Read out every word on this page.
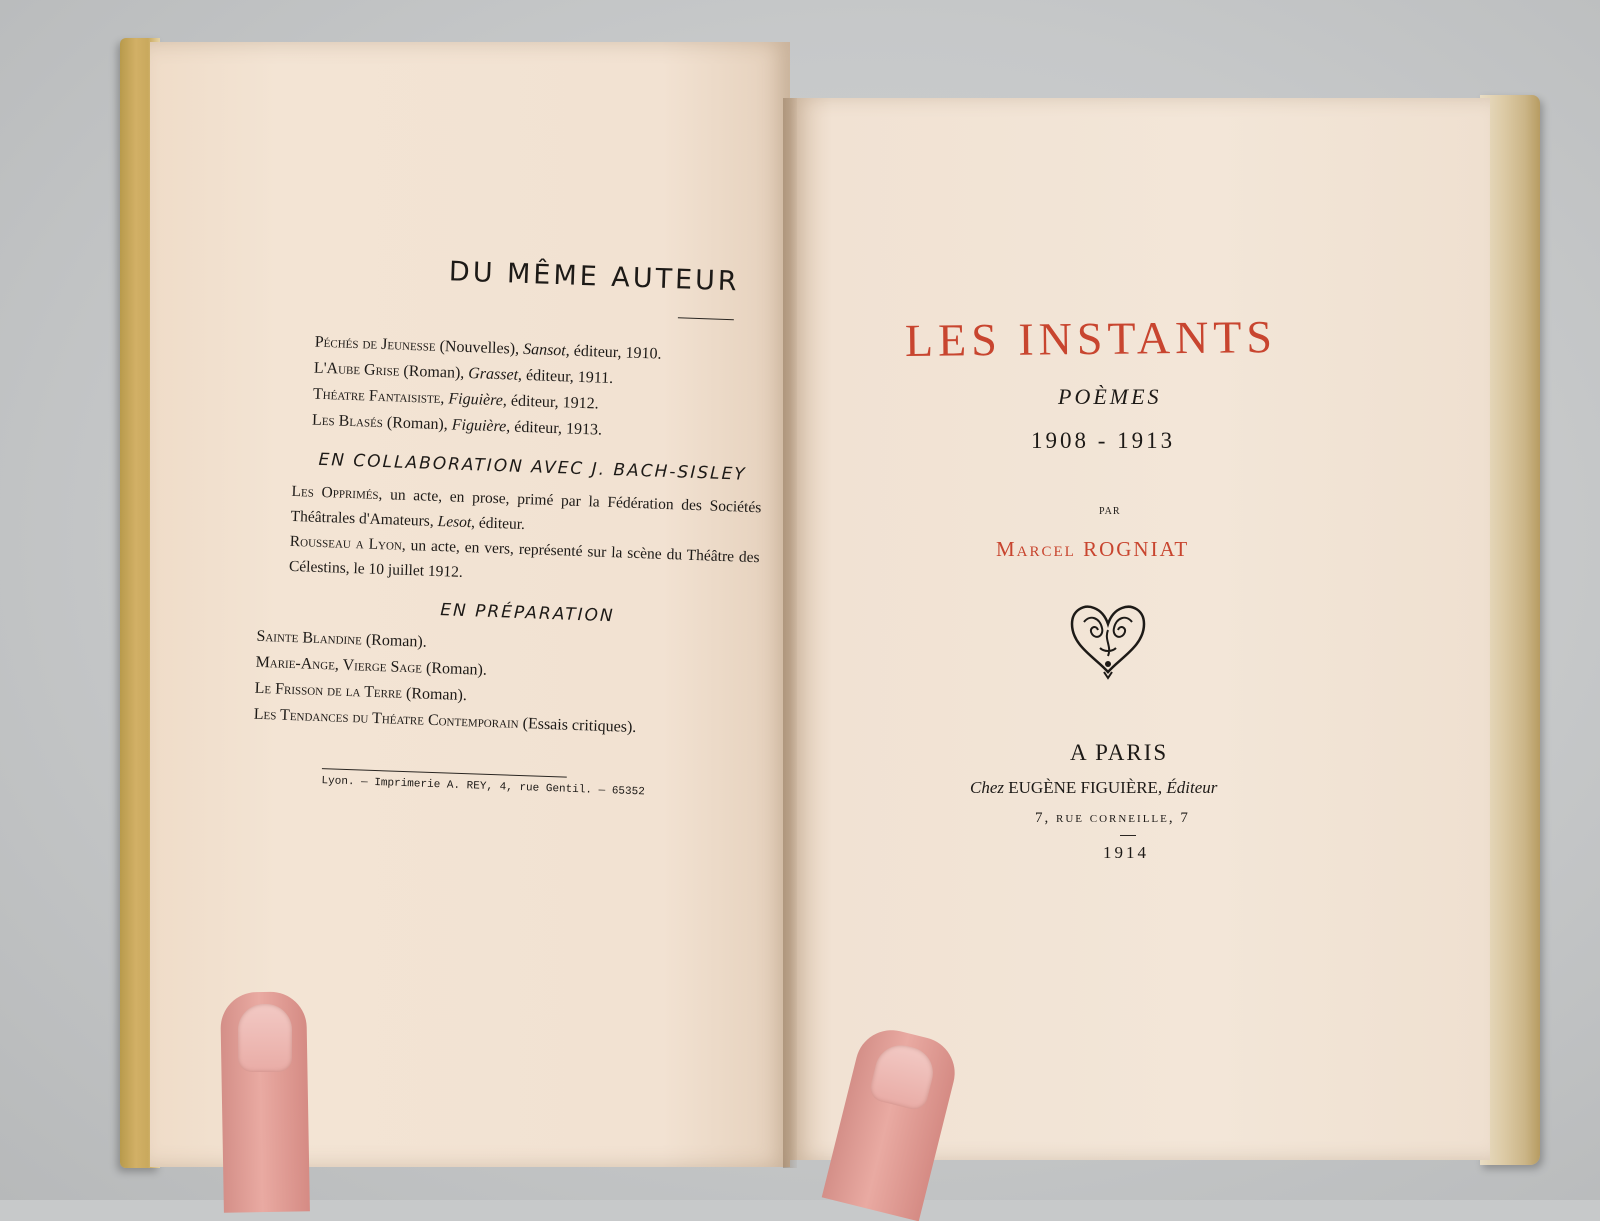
DU MÊME AUTEUR

Péchés de Jeunesse (Nouvelles), Sansot, éditeur, 1910.

L'Aube Grise (Roman), Grasset, éditeur, 1911.

Théatre Fantaisiste, Figuière, éditeur, 1912.

Les Blasés (Roman), Figuière, éditeur, 1913.

EN COLLABORATION AVEC J. BACH-SISLEY

Les Opprimés, un acte, en prose, primé par la Fédération des Sociétés Théâtrales d'Amateurs, Lesot, éditeur.

Rousseau a Lyon, un acte, en vers, représenté sur la scène du Théâtre des Célestins, le 10 juillet 1912.

EN PRÉPARATION

Sainte Blandine (Roman).

Marie-Ange, Vierge Sage (Roman).

Le Frisson de la Terre (Roman).

Les Tendances du Théatre Contemporain (Essais critiques).

Lyon. — Imprimerie A. REY, 4, rue Gentil. — 65352
LES INSTANTS
POÈMES
1908 - 1913
PAR
Marcel ROGNIAT
A PARIS
Chez EUGÈNE FIGUIÈRE, Éditeur
7, rue corneille, 7
1914
